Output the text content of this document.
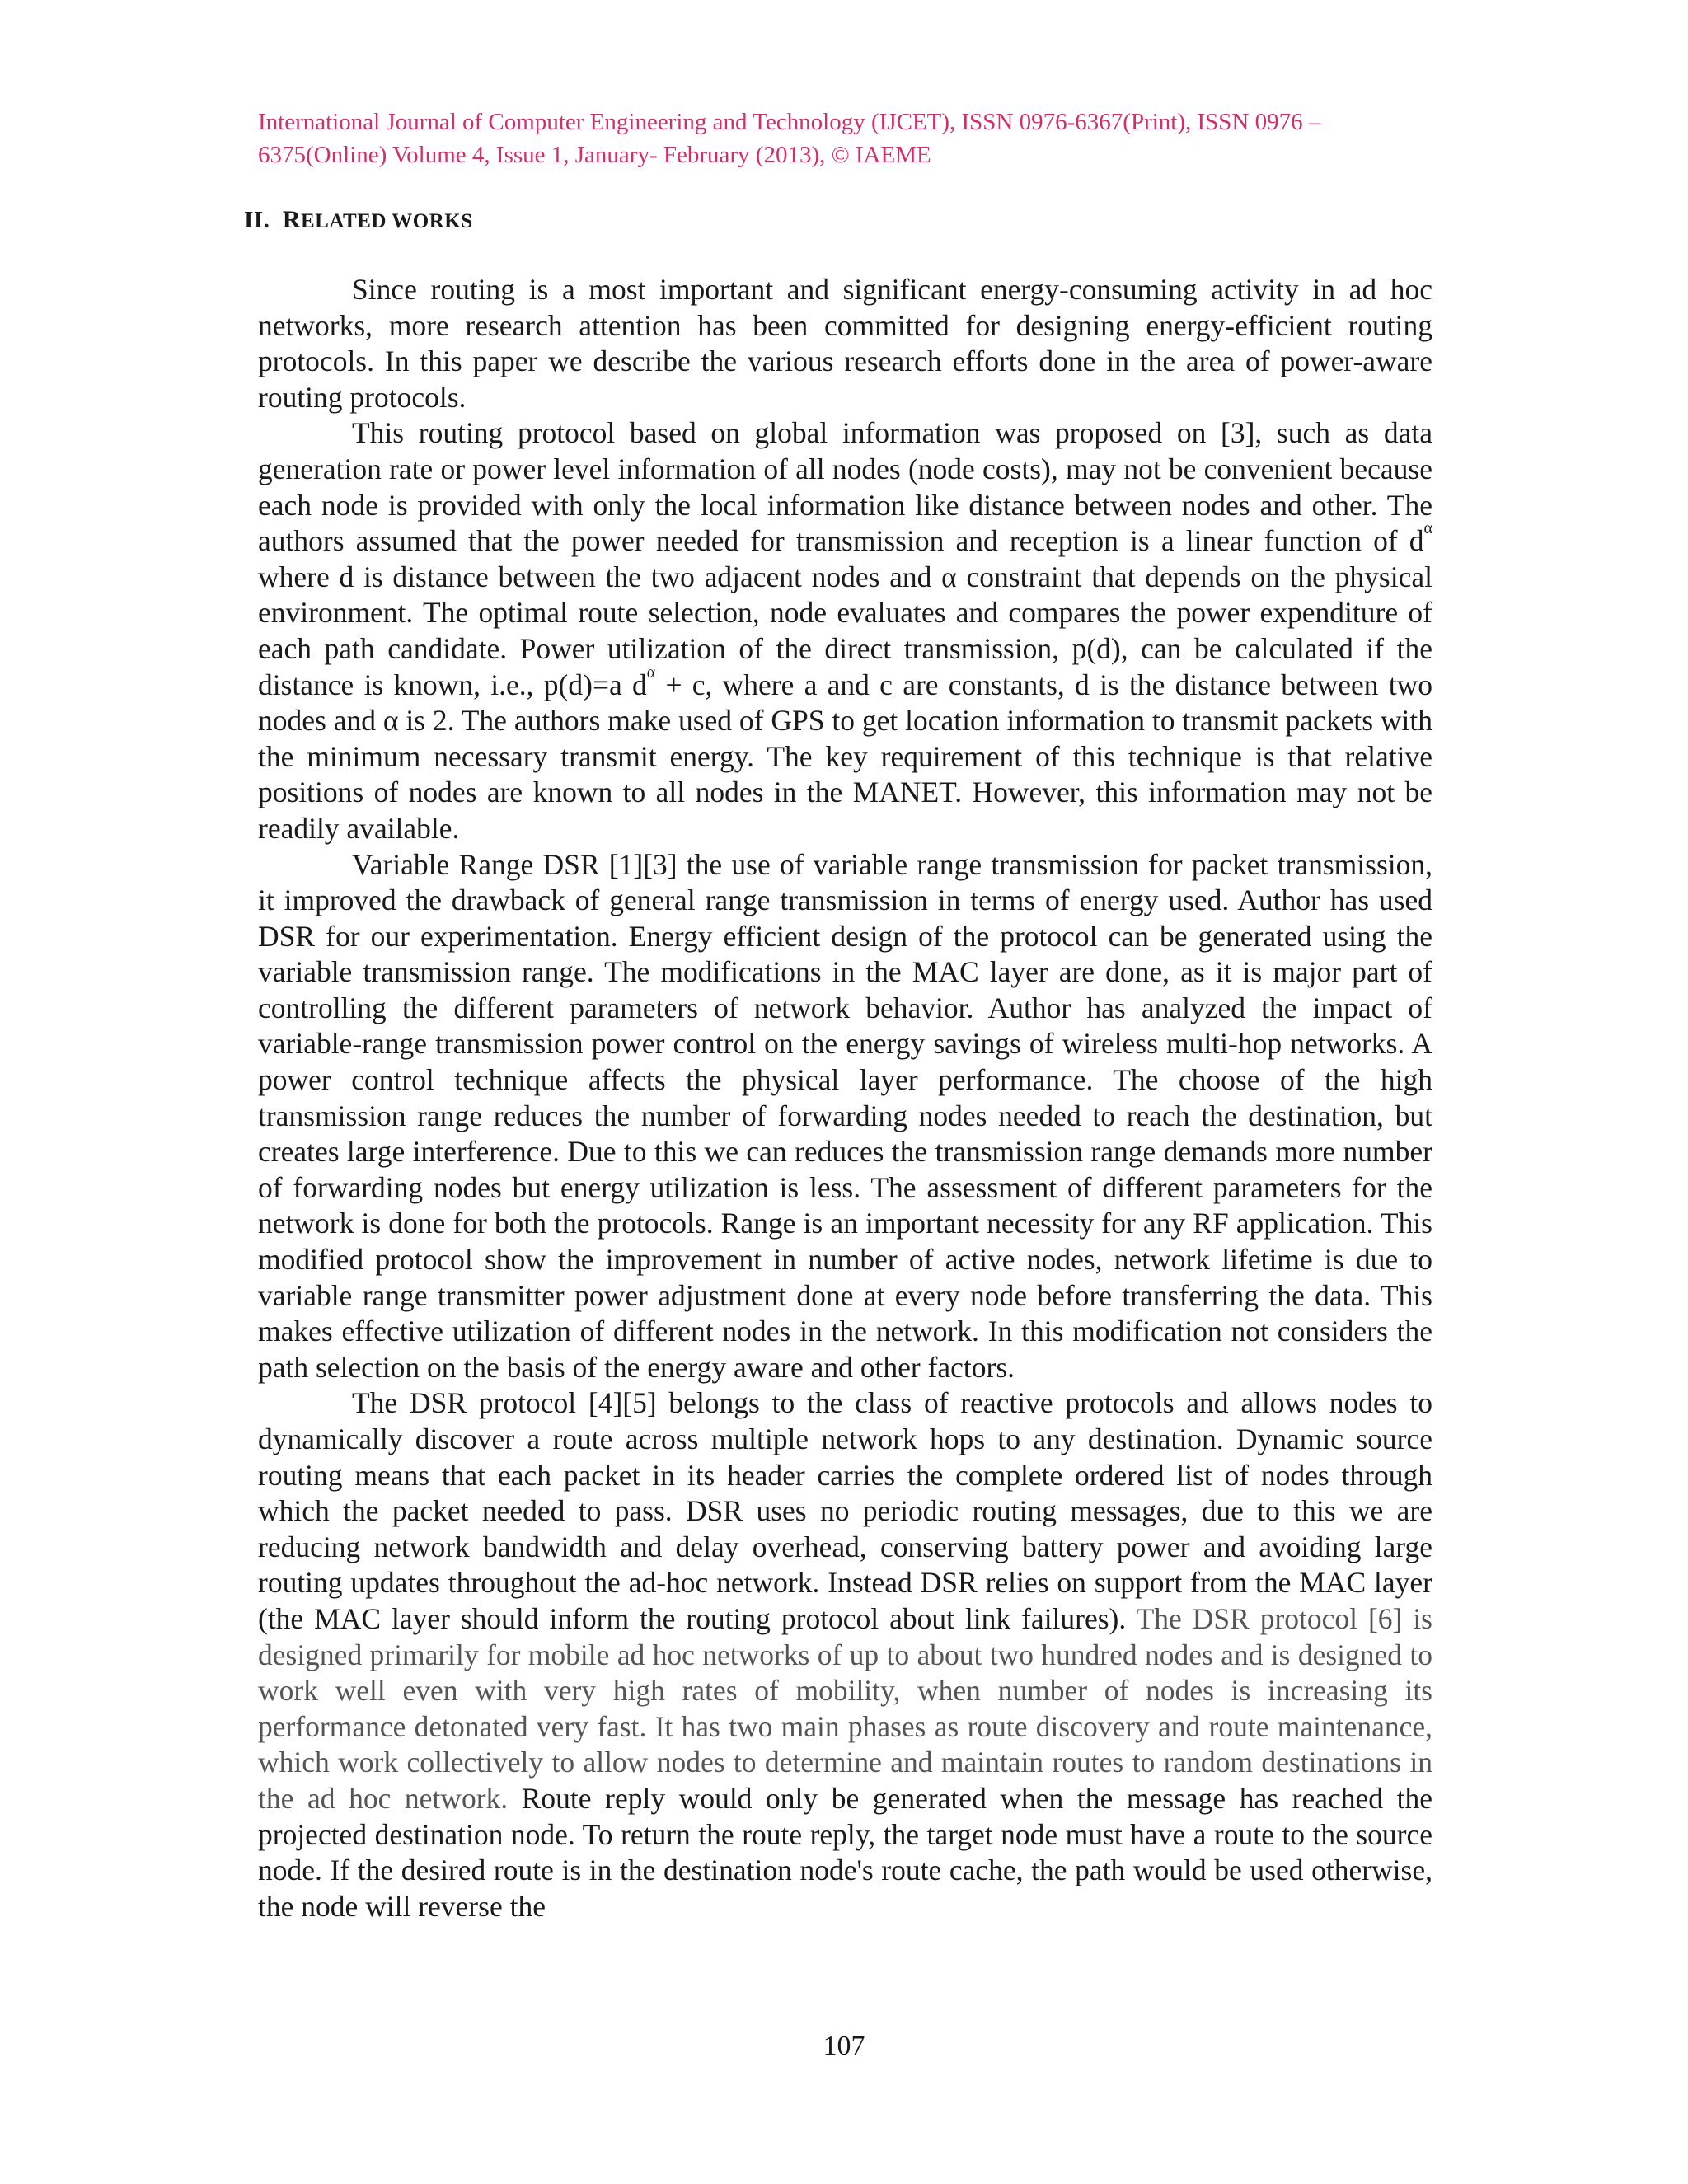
International Journal of Computer Engineering and Technology (IJCET), ISSN 0976-6367(Print), ISSN 0976 – 6375(Online) Volume 4, Issue 1, January- February (2013), © IAEME
II. RELATED WORKS

Since routing is a most important and significant energy-consuming activity in ad hoc networks, more research attention has been committed for designing energy-efficient routing protocols. In this paper we describe the various research efforts done in the area of power-aware routing protocols.

This routing protocol based on global information was proposed on [3], such as data generation rate or power level information of all nodes (node costs), may not be convenient because each node is provided with only the local information like distance between nodes and other. The authors assumed that the power needed for transmission and reception is a linear function of $d^\alpha$ where d is distance between the two adjacent nodes and α constraint that depends on the physical environment. The optimal route selection, node evaluates and compares the power expenditure of each path candidate. Power utilization of the direct transmission, p(d), can be calculated if the distance is known, i.e., p(d)=a $d^\alpha + c$, where a and c are constants, d is the distance between two nodes and α is 2. The authors make used of GPS to get location information to transmit packets with the minimum necessary transmit energy. The key requirement of this technique is that relative positions of nodes are known to all nodes in the MANET. However, this information may not be readily available.

Variable Range DSR [1][3] the use of variable range transmission for packet transmission, it improved the drawback of general range transmission in terms of energy used. Author has used DSR for our experimentation. Energy efficient design of the protocol can be generated using the variable transmission range. The modifications in the MAC layer are done, as it is major part of controlling the different parameters of network behavior. Author has analyzed the impact of variable-range transmission power control on the energy savings of wireless multi-hop networks. A power control technique affects the physical layer performance. The choose of the high transmission range reduces the number of forwarding nodes needed to reach the destination, but creates large interference. Due to this we can reduces the transmission range demands more number of forwarding nodes but energy utilization is less. The assessment of different parameters for the network is done for both the protocols. Range is an important necessity for any RF application. This modified protocol show the improvement in number of active nodes, network lifetime is due to variable range transmitter power adjustment done at every node before transferring the data. This makes effective utilization of different nodes in the network. In this modification not considers the path selection on the basis of the energy aware and other factors.

The DSR protocol [4][5] belongs to the class of reactive protocols and allows nodes to dynamically discover a route across multiple network hops to any destination. Dynamic source routing means that each packet in its header carries the complete ordered list of nodes through which the packet needed to pass. DSR uses no periodic routing messages, due to this we are reducing network bandwidth and delay overhead, conserving battery power and avoiding large routing updates throughout the ad-hoc network. Instead DSR relies on support from the MAC layer (the MAC layer should inform the routing protocol about link failures). The DSR protocol [6] is designed primarily for mobile ad hoc networks of up to about two hundred nodes and is designed to work well even with very high rates of mobility, when number of nodes is increasing its performance detonated very fast. It has two main phases as route discovery and route maintenance, which work collectively to allow nodes to determine and maintain routes to random destinations in the ad hoc network. Route reply would only be generated when the message has reached the projected destination node. To return the route reply, the target node must have a route to the source node. If the desired route is in the destination node's route cache, the path would be used otherwise, the node will reverse the

107
